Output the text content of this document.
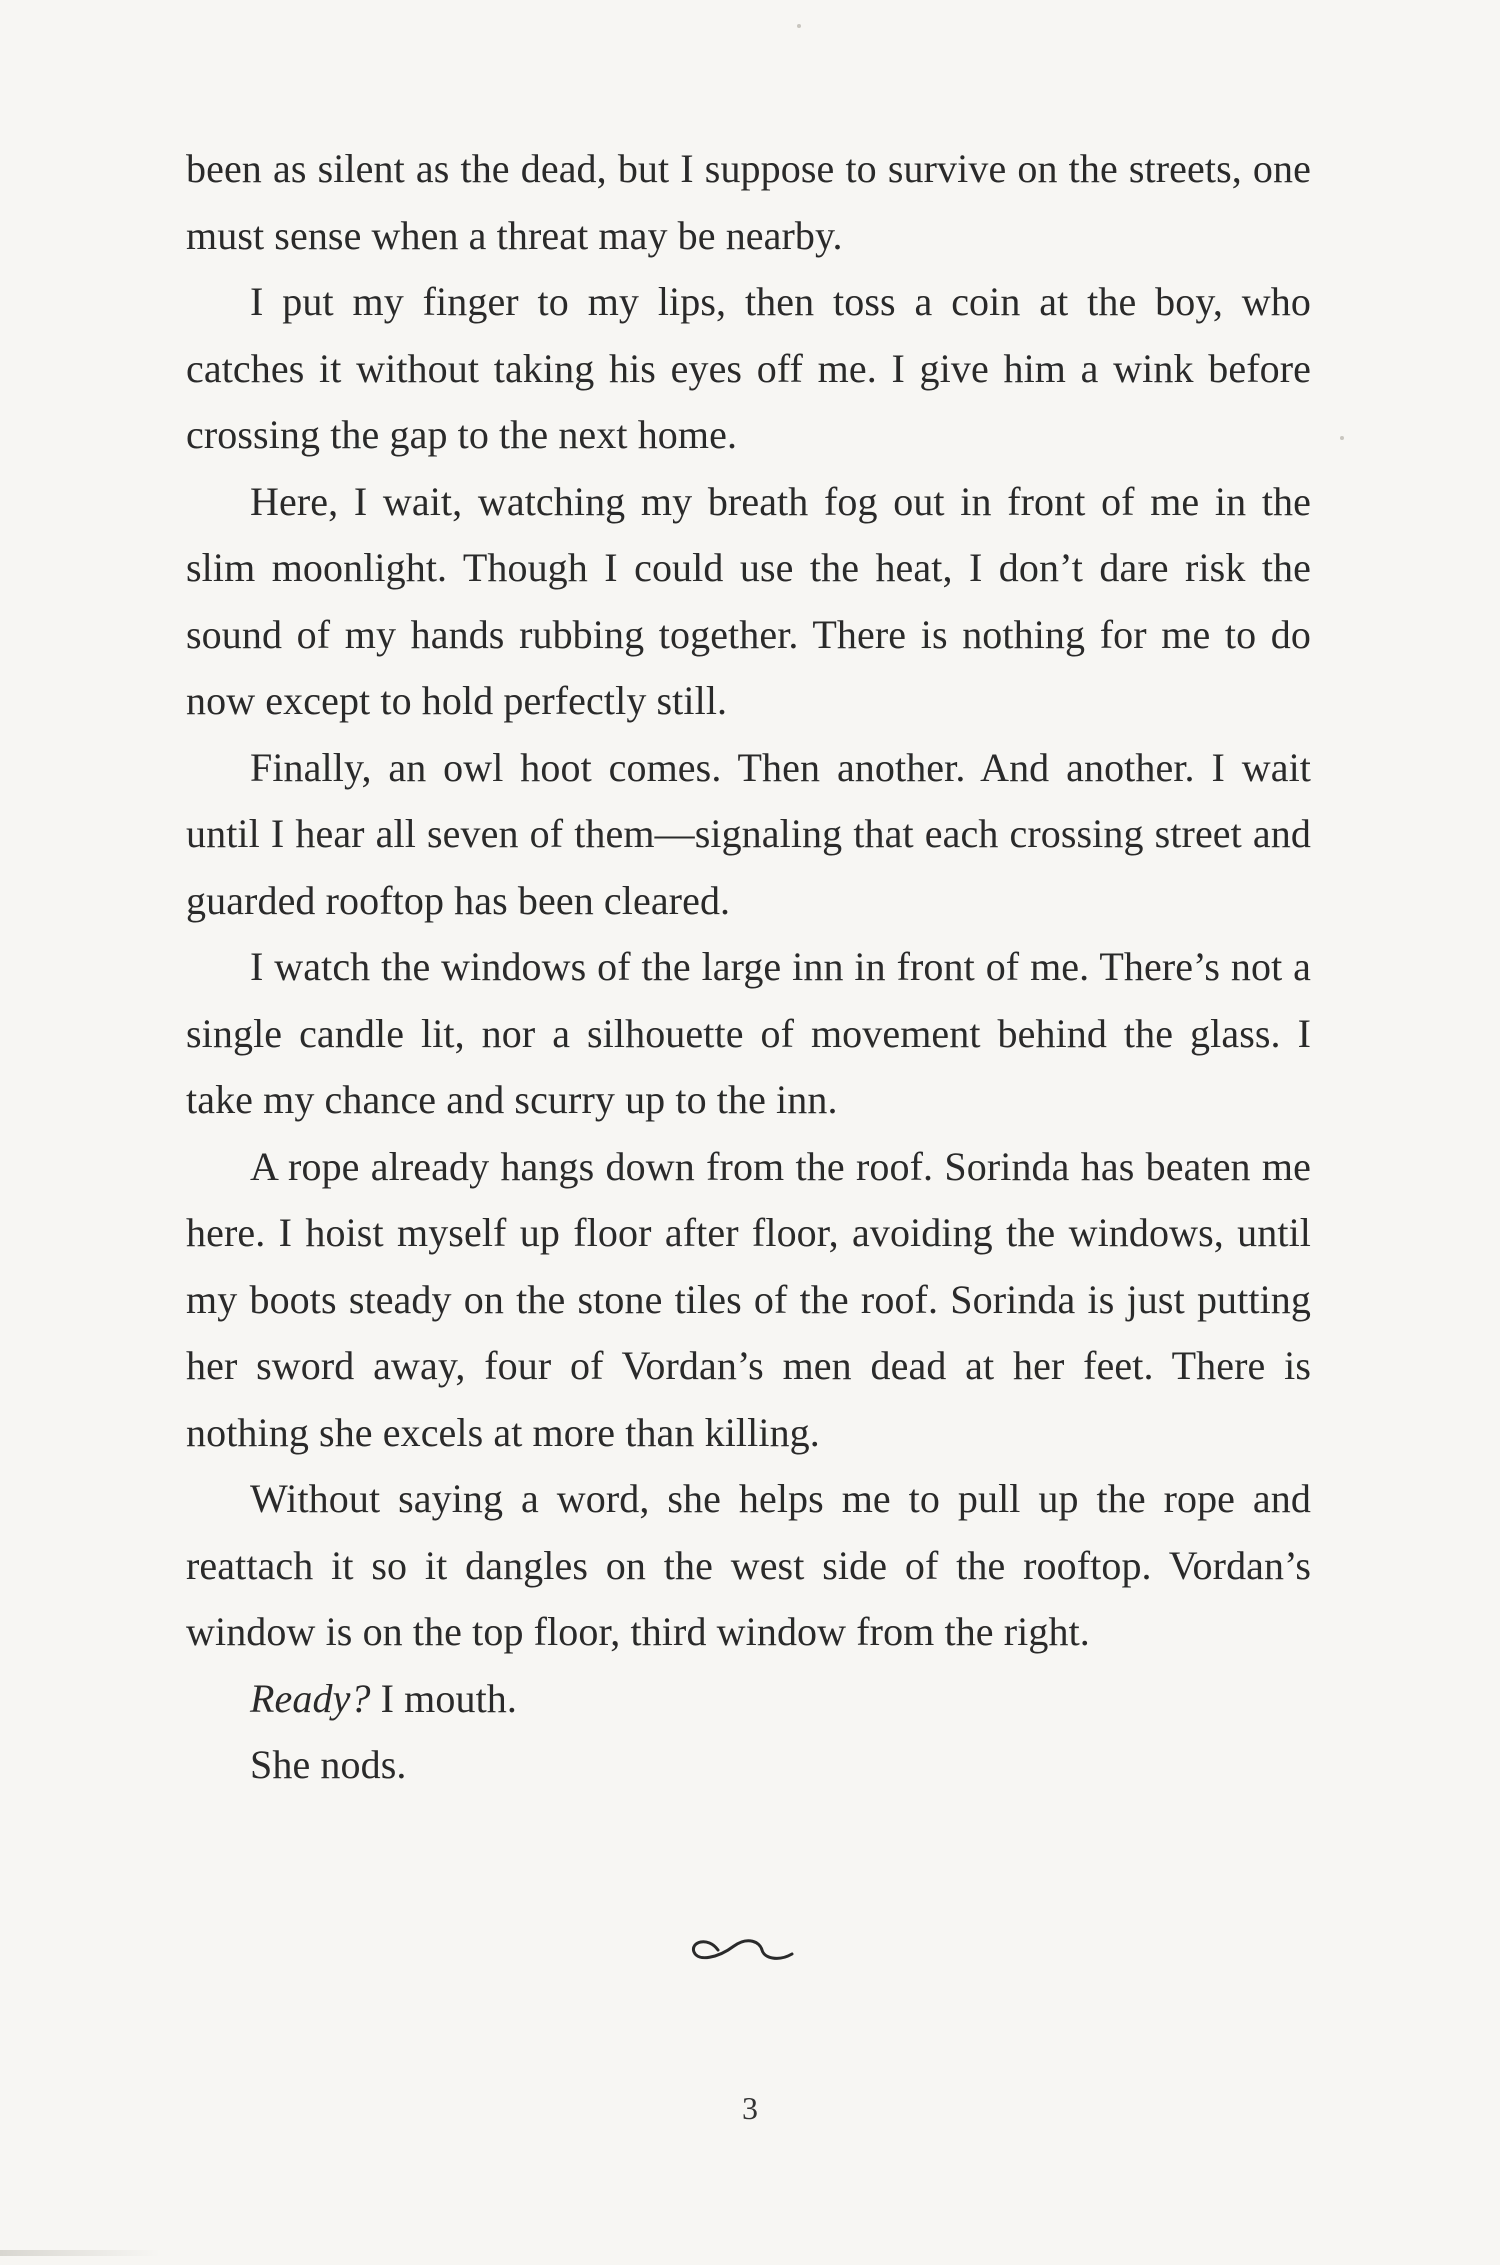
been as silent as the dead, but I suppose to survive on the streets, one must sense when a threat may be nearby.

I put my finger to my lips, then toss a coin at the boy, who catches it without taking his eyes off me. I give him a wink before crossing the gap to the next home.

Here, I wait, watching my breath fog out in front of me in the slim moonlight. Though I could use the heat, I don’t dare risk the sound of my hands rubbing together. There is nothing for me to do now except to hold perfectly still.

Finally, an owl hoot comes. Then another. And another. I wait until I hear all seven of them—signaling that each crossing street and guarded rooftop has been cleared.

I watch the windows of the large inn in front of me. There’s not a single candle lit, nor a silhouette of movement behind the glass. I take my chance and scurry up to the inn.

A rope already hangs down from the roof. Sorinda has beaten me here. I hoist myself up floor after floor, avoiding the windows, until my boots steady on the stone tiles of the roof. Sorinda is just putting her sword away, four of Vordan’s men dead at her feet. There is nothing she excels at more than killing.

Without saying a word, she helps me to pull up the rope and reattach it so it dangles on the west side of the rooftop. Vordan’s window is on the top floor, third window from the right.

Ready? I mouth.

She nods.

3
